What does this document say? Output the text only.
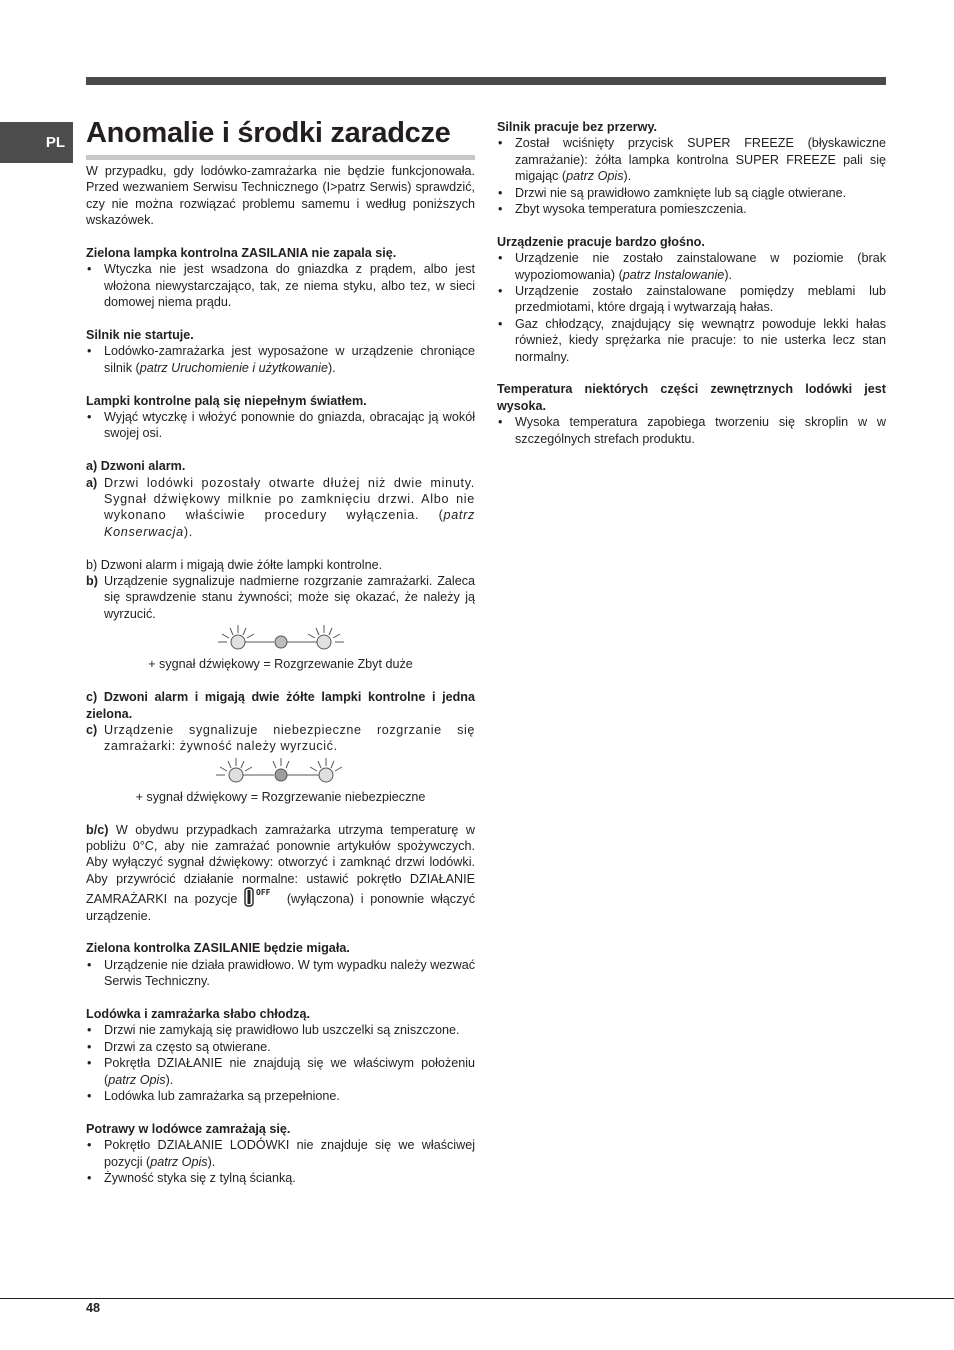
PL Anomalie i środki zaradcze

W przypadku, gdy lodówko-zamrażarka nie będzie funkcjonowała. Przed wezwaniem Serwisu Technicznego (I>patrz Serwis) sprawdzić, czy nie można rozwiązać problemu samemu i według poniższych wskazówek.

Zielona lampka kontrolna ZASILANIA nie zapala się.

• Wtyczka nie jest wsadzona do gniazdka z prądem, albo jest włożona niewystarczająco, tak, ze niema styku, albo tez, w sieci domowej niema prądu.

Silnik nie startuje.

• Lodówko-zamrażarka jest wyposażone w urządzenie chroniące silnik (patrz Uruchomienie i użytkowanie).

Lampki kontrolne palą się niepełnym światłem.

• Wyjąć wtyczkę i włożyć ponownie do gniazda, obracając ją wokół swojej osi.

a) Dzwoni alarm.

a)	Drzwi lodówki pozostały otwarte dłużej niż dwie minuty. Sygnał dźwiękowy milknie po zamknięciu drzwi. Albo nie wykonano właściwie procedury wyłączenia. (patrz Konserwacja).

b) Dzwoni alarm i migają dwie żółte lampki kontrolne.

b)	Urządzenie sygnalizuje nadmierne rozgrzanie zamrażarki. Zaleca się sprawdzenie stanu żywności; może się okazać, że należy ją wyrzucić.

+ sygnał dźwiękowy = Rozgrzewanie Zbyt duże

c) Dzwoni alarm i migają dwie żółte lampki kontrolne i jedna zielona.

c)	Urządzenie sygnalizuje niebezpieczne rozgrzanie się zamrażarki: żywność należy wyrzucić.

+ sygnał dźwiękowy = Rozgrzewanie niebezpieczne

b/c) W obydwu przypadkach zamrażarka utrzyma temperaturę w pobliżu 0°C, aby nie zamrażać ponownie artykułów spożywczych. Aby wyłączyć sygnał dźwiękowy: otworzyć i zamknąć drzwi lodówki. Aby przywrócić działanie normalne: ustawić pokrętło DZIAŁANIE ZAMRAŻARKI na pozycje OFF (wyłączona) i ponownie włączyć urządzenie.

Zielona kontrolka ZASILANIE będzie migała.

• Urządzenie nie działa prawidłowo. W tym wypadku należy wezwać Serwis Techniczny.

Lodówka i zamrażarka słabo chłodzą.

• Drzwi nie zamykają się prawidłowo lub uszczelki są zniszczone.
• Drzwi za często są otwierane.
• Pokrętła DZIAŁANIE nie znajdują się we właściwym położeniu (patrz Opis).
• Lodówka lub zamrażarka są przepełnione.

Potrawy w lodówce zamrażają się.

• Pokrętło DZIAŁANIE LODÓWKI nie znajduje się we właściwej pozycji (patrz Opis).
• Żywność styka się z tylną ścianką.

Silnik pracuje bez przerwy.

• Został wciśnięty przycisk SUPER FREEZE (błyskawiczne zamrażanie): żółta lampka kontrolna SUPER FREEZE pali się migając (patrz Opis).
• Drzwi nie są prawidłowo zamknięte lub są ciągle otwierane.
• Zbyt wysoka temperatura pomieszczenia.

Urządzenie pracuje bardzo głośno.

• Urządzenie nie zostało zainstalowane w poziomie (brak wypoziomowania) (patrz Instalowanie).
• Urządzenie zostało zainstalowane pomiędzy meblami lub przedmiotami, które drgają i wytwarzają hałas.
• Gaz chłodzący, znajdujący się wewnątrz powoduje lekki hałas również, kiedy sprężarka nie pracuje: to nie usterka lecz stan normalny.

Temperatura niektórych części zewnętrznych lodówki jest wysoka.

• Wysoka temperatura zapobiega tworzeniu się skroplin w w szczególnych strefach produktu.
48
